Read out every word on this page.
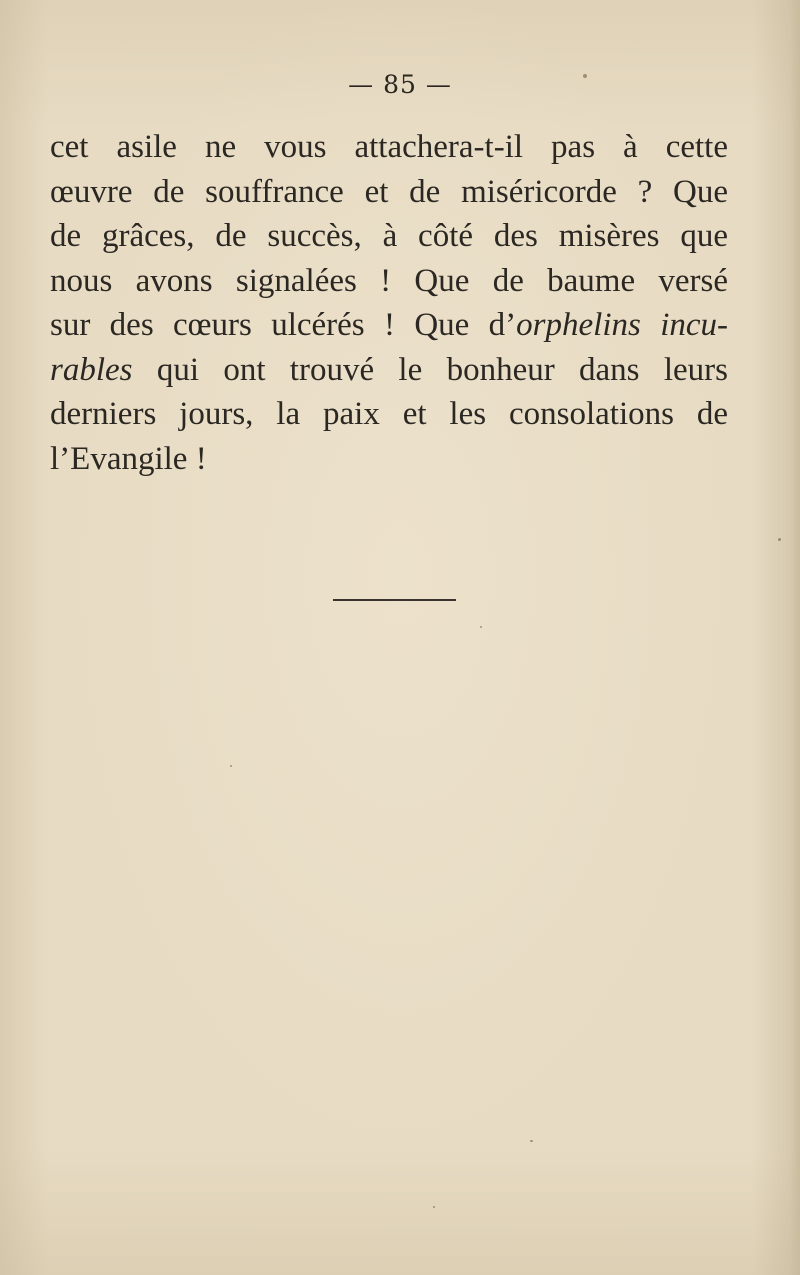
— 85 —
cet asile ne vous attachera-t-il pas à cette
œuvre de souffrance et de miséricorde ? Que
de grâces, de succès, à côté des misères que
nous avons signalées ! Que de baume versé
sur des cœurs ulcérés ! Que d’orphelins incu-
rables qui ont trouvé le bonheur dans leurs
derniers jours, la paix et les consolations de
l’Evangile !
